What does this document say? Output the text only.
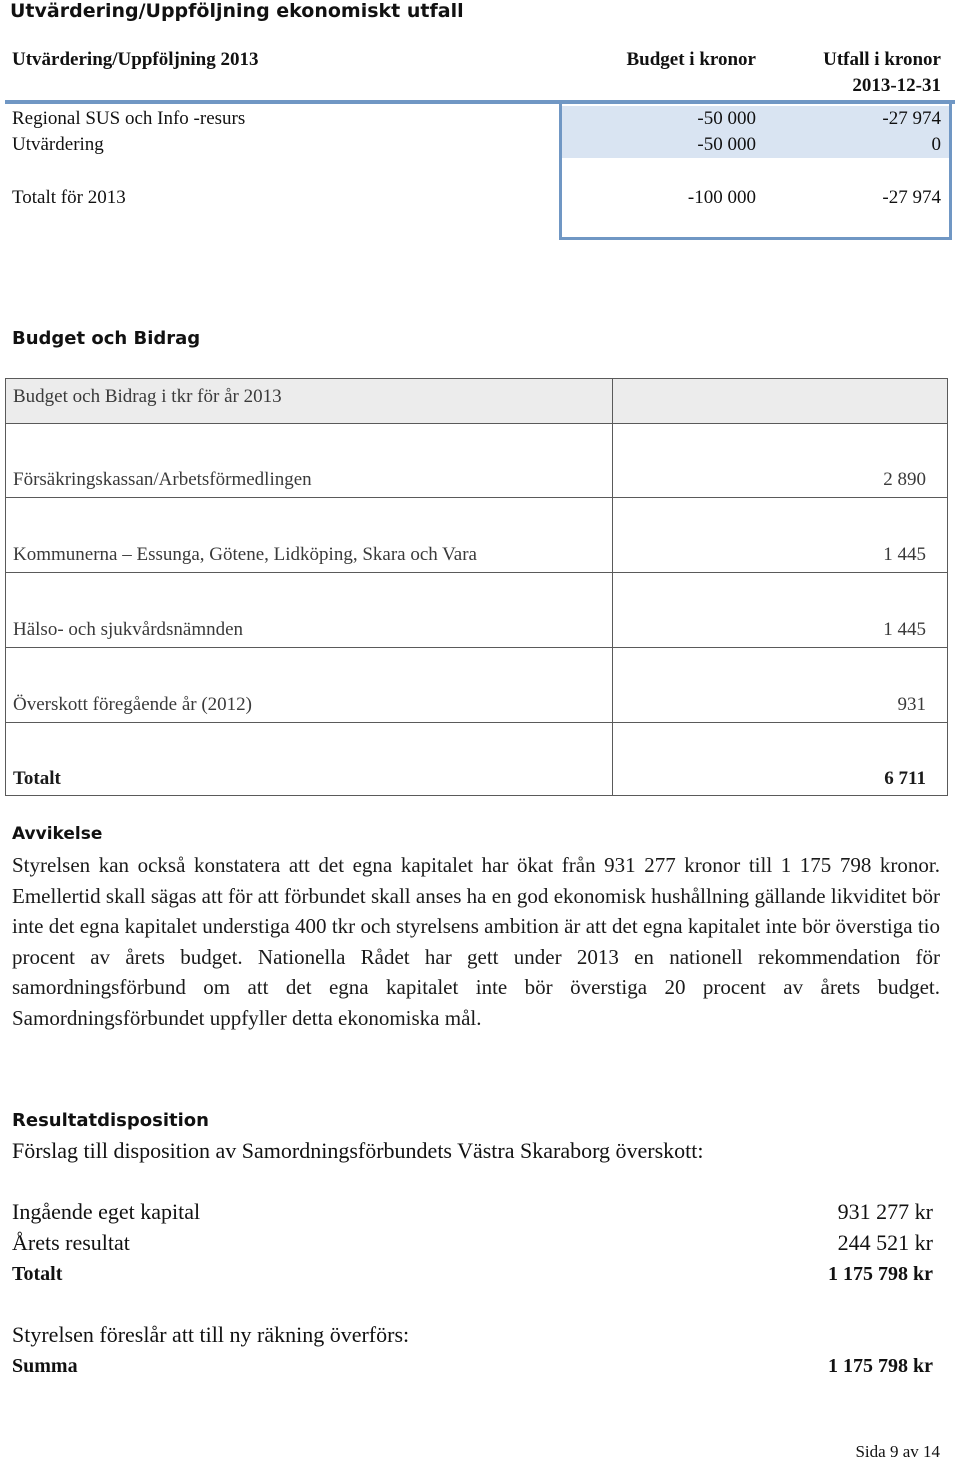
Utvärdering/Uppföljning ekonomiskt utfall
Utvärdering/Uppföljning 2013	Budget i kronor	Utfall i kronor
2013-12-31
Regional SUS och Info -resurs	-50 000	-27 974
Utvärdering	-50 000	0
Totalt för 2013	-100 000	-27 974
Budget och Bidrag
Budget och Bidrag i tkr för år 2013
Försäkringskassan/Arbetsförmedlingen	2 890
Kommunerna – Essunga, Götene, Lidköping, Skara och Vara	1 445
Hälso- och sjukvårdsnämnden	1 445
Överskott föregående år (2012)	931
Totalt	6 711
Avvikelse
Styrelsen kan också konstatera att det egna kapitalet har ökat från 931 277 kronor till 1 175 798 kronor. Emellertid skall sägas att för att förbundet skall anses ha en god ekonomisk hushållning gällande likviditet bör inte det egna kapitalet understiga 400 tkr och styrelsens ambition är att det egna kapitalet inte bör överstiga tio procent av årets budget. Nationella Rådet har gett under 2013 en nationell rekommendation för samordningsförbund om att det egna kapitalet inte bör överstiga 20 procent av årets budget. Samordningsförbundet uppfyller detta ekonomiska mål.
Resultatdisposition
Förslag till disposition av Samordningsförbundets Västra Skaraborg överskott:
Ingående eget kapital	931 277 kr
Årets resultat	244 521 kr
Totalt	1 175 798 kr
Styrelsen föreslår att till ny räkning överförs:
Summa	1 175 798 kr
Sida 9 av 14
